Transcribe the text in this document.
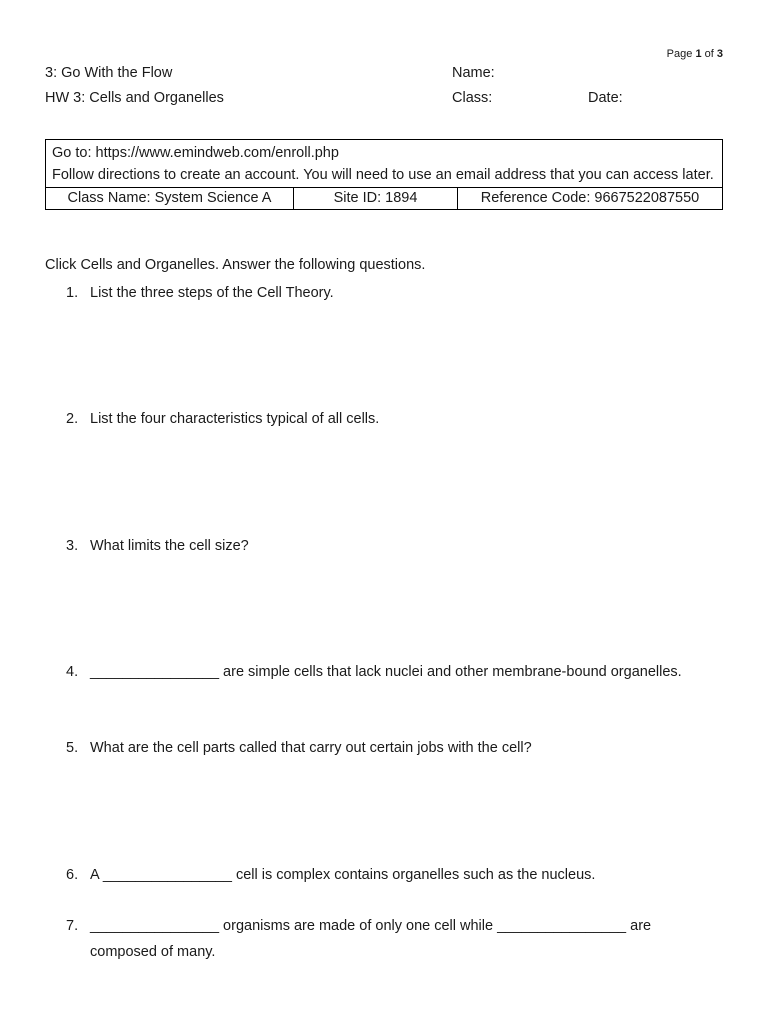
Page 1 of 3
3: Go With the Flow
HW 3: Cells and Organelles
Name:
Class:	Date:
Go to: https://www.emindweb.com/enroll.php
Follow directions to create an account. You will need to use an email address that you can access later.
Class Name: System Science A	Site ID: 1894	Reference Code: 9667522087550
Click Cells and Organelles. Answer the following questions.
1. List the three steps of the Cell Theory.
2. List the four characteristics typical of all cells.
3. What limits the cell size?
4. ________________ are simple cells that lack nuclei and other membrane-bound organelles.
5. What are the cell parts called that carry out certain jobs with the cell?
6. A ________________ cell is complex contains organelles such as the nucleus.
7. ________________ organisms are made of only one cell while ________________ are composed of many.
